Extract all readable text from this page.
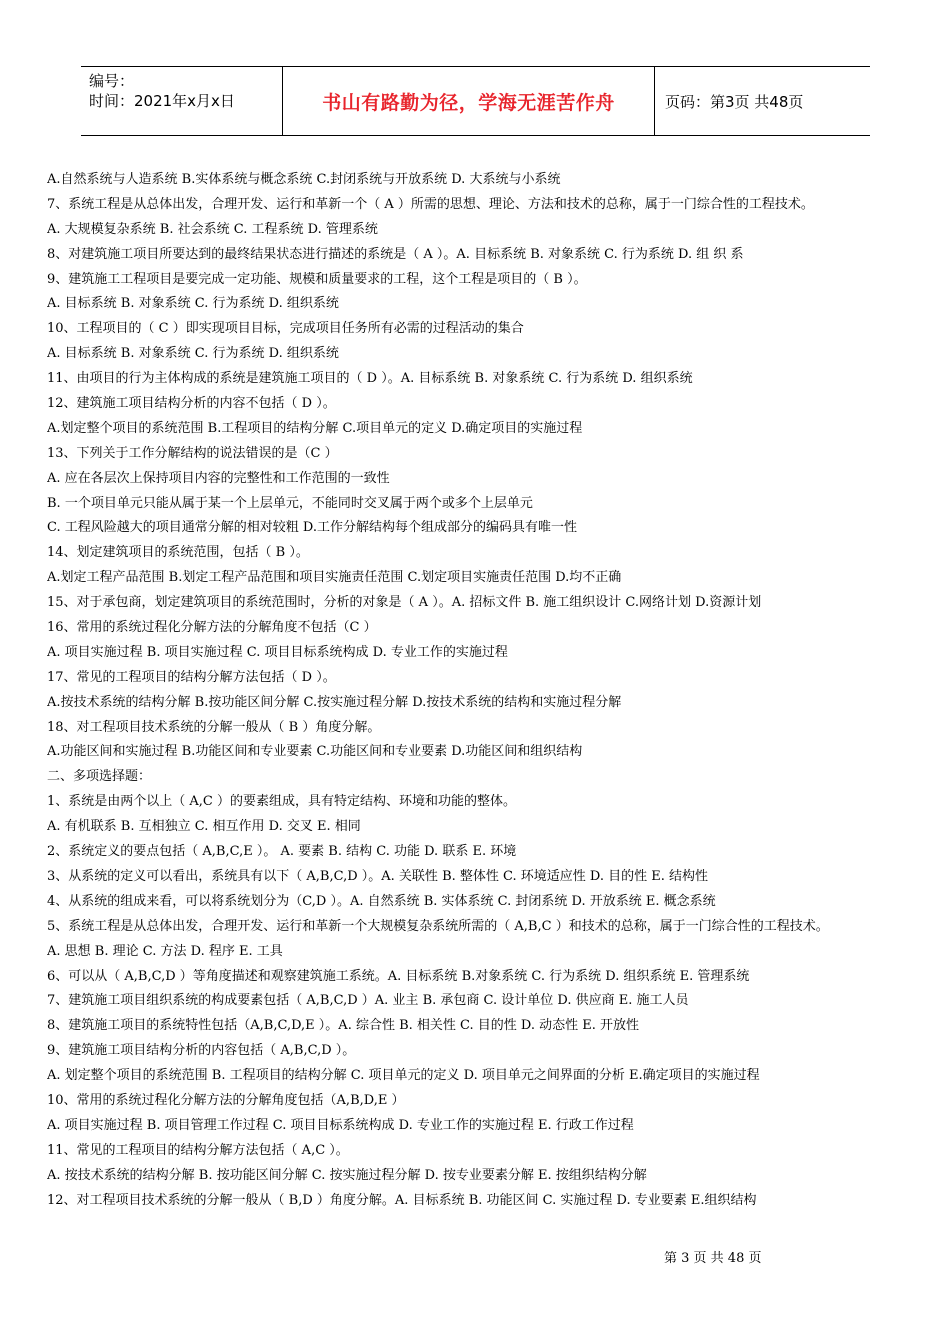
编号：
时间：2021年x月x日	书山有路勤为径，学海无涯苦作舟	页码：第3页 共48页
A.自然系统与人造系统 B.实体系统与概念系统 C.封闭系统与开放系统 D. 大系统与小系统
7、系统工程是从总体出发，合理开发、运行和革新一个（ A ）所需的思想、理论、方法和技术的总称，属于一门综合性的工程技术。
A. 大规模复杂系统 B. 社会系统 C. 工程系统 D. 管理系统
8、对建筑施工项目所要达到的最终结果状态进行描述的系统是（ A ）。A. 目标系统 B. 对象系统 C. 行为系统 D. 组 织 系
9、建筑施工工程项目是要完成一定功能、规模和质量要求的工程，这个工程是项目的（ B ）。
A. 目标系统 B. 对象系统 C. 行为系统 D. 组织系统
10、工程项目的（ C ）即实现项目目标，完成项目任务所有必需的过程活动的集合
A. 目标系统 B. 对象系统 C. 行为系统 D. 组织系统
11、由项目的行为主体构成的系统是建筑施工项目的（ D ）。A. 目标系统 B. 对象系统 C. 行为系统 D. 组织系统
12、建筑施工项目结构分析的内容不包括（ D ）。
A.划定整个项目的系统范围 B.工程项目的结构分解 C.项目单元的定义 D.确定项目的实施过程
13、下列关于工作分解结构的说法错误的是（C ）
A. 应在各层次上保持项目内容的完整性和工作范围的一致性
B. 一个项目单元只能从属于某一个上层单元，不能同时交叉属于两个或多个上层单元
C. 工程风险越大的项目通常分解的相对较粗 D.工作分解结构每个组成部分的编码具有唯一性
14、划定建筑项目的系统范围，包括（ B ）。
A.划定工程产品范围 B.划定工程产品范围和项目实施责任范围 C.划定项目实施责任范围 D.均不正确
15、对于承包商，划定建筑项目的系统范围时，分析的对象是（ A ）。A. 招标文件 B. 施工组织设计 C.网络计划 D.资源计划
16、常用的系统过程化分解方法的分解角度不包括（C ）
A. 项目实施过程 B. 项目实施过程 C. 项目目标系统构成 D. 专业工作的实施过程
17、常见的工程项目的结构分解方法包括（ D ）。
A.按技术系统的结构分解 B.按功能区间分解 C.按实施过程分解 D.按技术系统的结构和实施过程分解
18、对工程项目技术系统的分解一般从（ B ）角度分解。
A.功能区间和实施过程 B.功能区间和专业要素 C.功能区间和专业要素 D.功能区间和组织结构
二、多项选择题：
1、系统是由两个以上（ A,C ）的要素组成，具有特定结构、环境和功能的整体。
A. 有机联系 B. 互相独立 C. 相互作用 D. 交叉 E. 相同
2、系统定义的要点包括（ A,B,C,E ）。 A. 要素 B. 结构 C. 功能 D. 联系 E. 环境
3、从系统的定义可以看出，系统具有以下（ A,B,C,D ）。A. 关联性 B. 整体性 C. 环境适应性 D. 目的性 E. 结构性
4、从系统的组成来看，可以将系统划分为（C,D ）。A. 自然系统 B. 实体系统 C. 封闭系统 D. 开放系统 E. 概念系统
5、系统工程是从总体出发，合理开发、运行和革新一个大规模复杂系统所需的（ A,B,C ）和技术的总称，属于一门综合性的工程技术。
A. 思想 B. 理论 C. 方法 D. 程序 E. 工具
6、可以从（ A,B,C,D ）等角度描述和观察建筑施工系统。A. 目标系统 B.对象系统 C. 行为系统 D. 组织系统 E. 管理系统
7、建筑施工项目组织系统的构成要素包括（ A,B,C,D ）A. 业主 B. 承包商 C. 设计单位 D. 供应商 E. 施工人员
8、建筑施工项目的系统特性包括（A,B,C,D,E ）。A. 综合性 B. 相关性 C. 目的性 D. 动态性 E. 开放性
9、建筑施工项目结构分析的内容包括（ A,B,C,D ）。
A. 划定整个项目的系统范围 B. 工程项目的结构分解 C. 项目单元的定义 D. 项目单元之间界面的分析 E.确定项目的实施过程
10、常用的系统过程化分解方法的分解角度包括（A,B,D,E ）
A. 项目实施过程 B. 项目管理工作过程 C. 项目目标系统构成 D. 专业工作的实施过程 E. 行政工作过程
11、常见的工程项目的结构分解方法包括（ A,C ）。
A. 按技术系统的结构分解 B. 按功能区间分解 C. 按实施过程分解 D. 按专业要素分解 E. 按组织结构分解
12、对工程项目技术系统的分解一般从（ B,D ）角度分解。A. 目标系统 B. 功能区间 C. 实施过程 D. 专业要素 E.组织结构
第 3 页 共 48 页
